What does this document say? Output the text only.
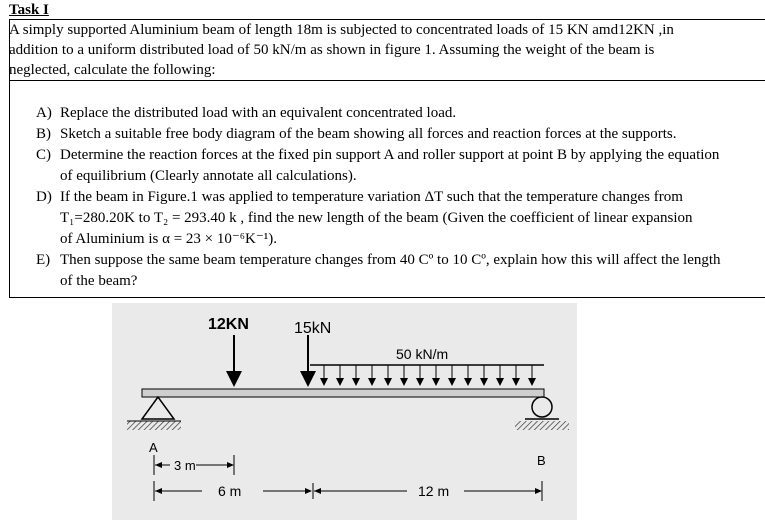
Task I
A simply supported Aluminium beam of length 18m is subjected to concentrated loads of 15 KN amd12KN ,in
addition to a uniform distributed load of 50 kN/m as shown in figure 1. Assuming the weight of the beam is
neglected, calculate the following:
A) Replace the distributed load with an equivalent concentrated load.
B) Sketch a suitable free body diagram of the beam showing all forces and reaction forces at the supports.
C) Determine the reaction forces at the fixed pin support A and roller support at point B by applying the equation
of equilibrium (Clearly annotate all calculations).
D) If the beam in Figure.1 was applied to temperature variation ΔT such that the temperature changes from
T₁=280.20K to T₂ = 293.40 k , find the new length of the beam (Given the coefficient of linear expansion
of Aluminium is α = 23 × 10⁻⁶K⁻¹).
E) Then suppose the same beam temperature changes from 40 Cº to 10 Cº, explain how this will affect the length
of the beam?
12KN	15kN
50 kN/m
A
B
3 m
6 m	12 m
